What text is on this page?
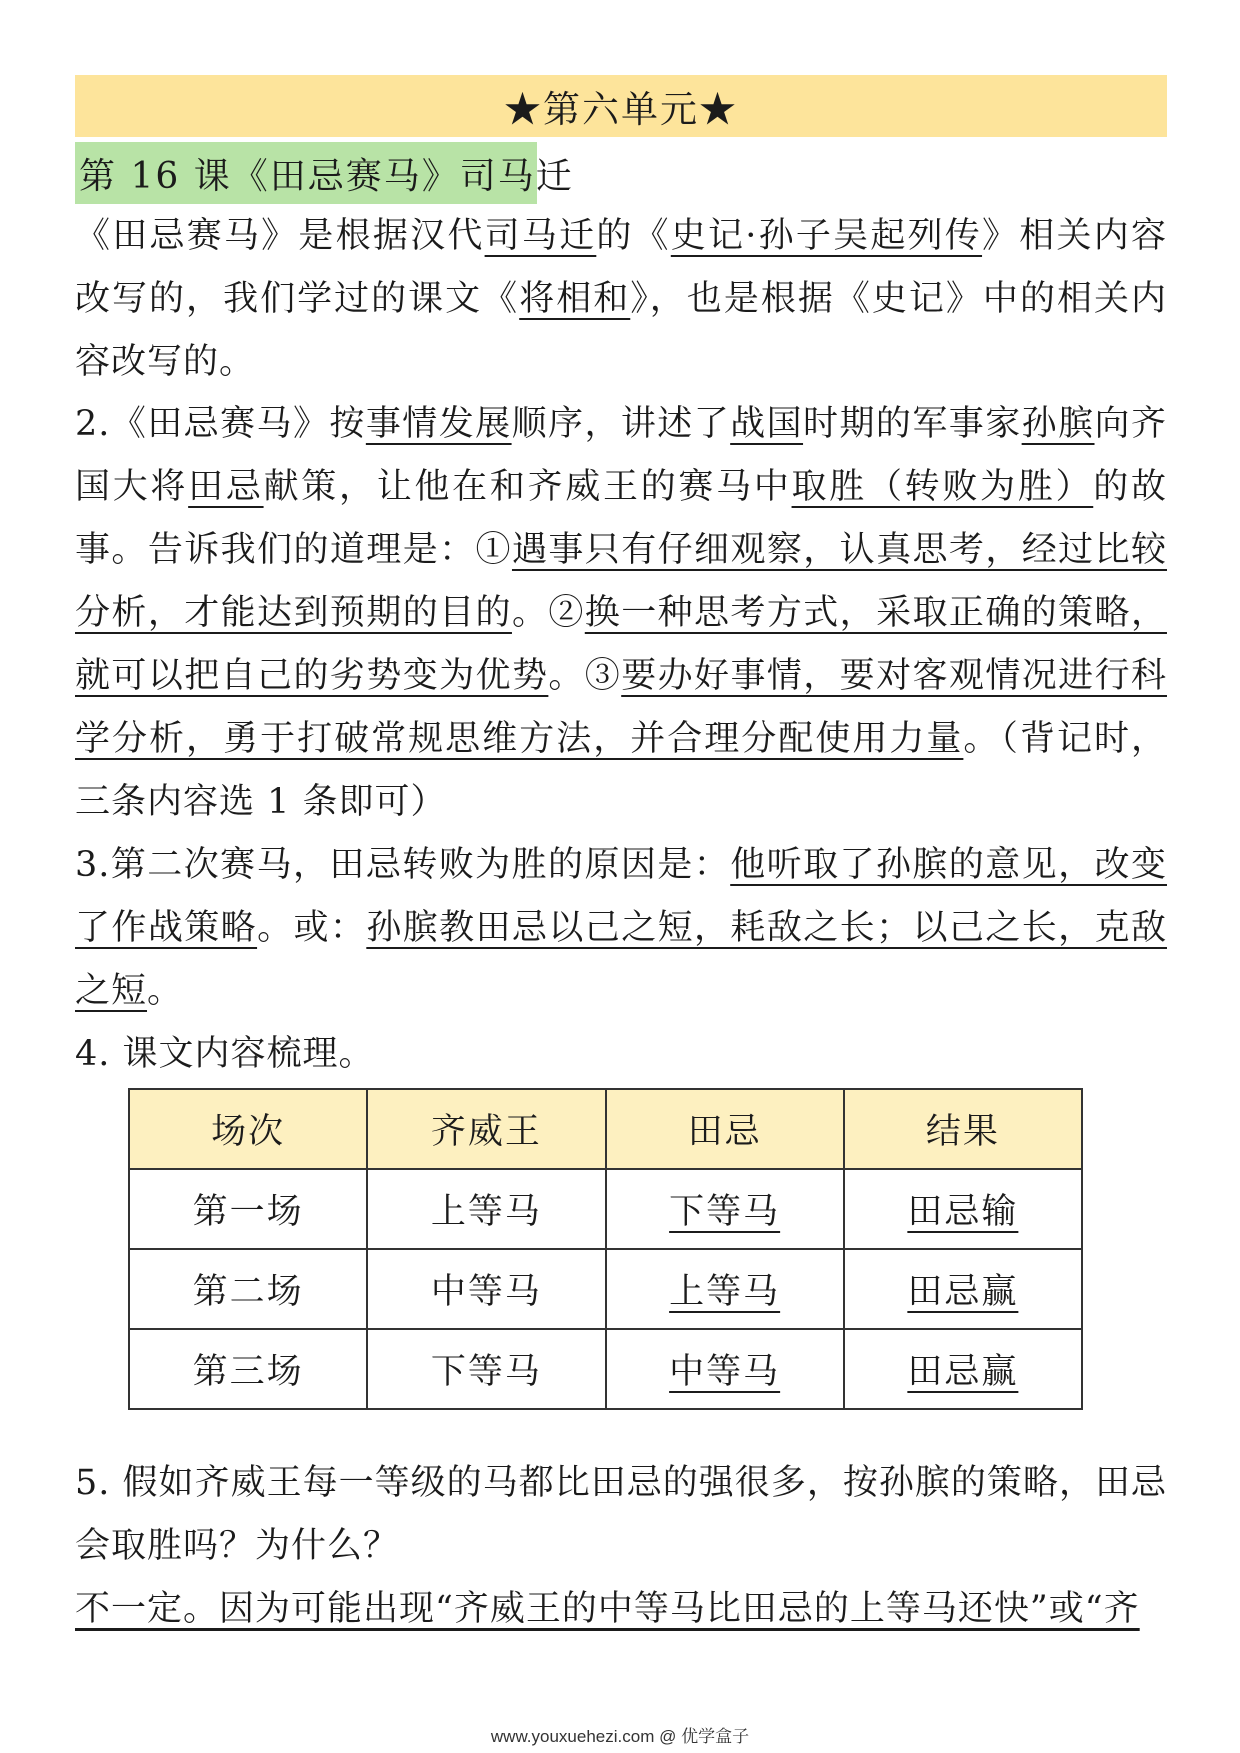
★第六单元★
第 16 课《田忌赛马》司马迁
《田忌赛马》是根据汉代司马迁的《史记·孙子吴起列传》相关内容改写的，我们学过的课文《将相和》，也是根据《史记》中的相关内容改写的。
2.《田忌赛马》按事情发展顺序，讲述了战国时期的军事家孙膑向齐国大将田忌献策，让他在和齐威王的赛马中取胜（转败为胜）的故事。告诉我们的道理是：①遇事只有仔细观察，认真思考，经过比较分析，才能达到预期的目的。②换一种思考方式，采取正确的策略，就可以把自己的劣势变为优势。③要办好事情，要对客观情况进行科学分析，勇于打破常规思维方法，并合理分配使用力量。（背记时，三条内容选 1 条即可）
3.第二次赛马，田忌转败为胜的原因是：他听取了孙膑的意见，改变了作战策略。或：孙膑教田忌以己之短，耗敌之长；以己之长，克敌之短。
4. 课文内容梳理。
场次	齐威王	田忌	结果
第一场	上等马	下等马	田忌输
第二场	中等马	上等马	田忌赢
第三场	下等马	中等马	田忌赢
5. 假如齐威王每一等级的马都比田忌的强很多，按孙膑的策略，田忌会取胜吗？为什么？
不一定。因为可能出现“齐威王的中等马比田忌的上等马还快”或“齐
www.youxuehezi.com @ 优学盒子
